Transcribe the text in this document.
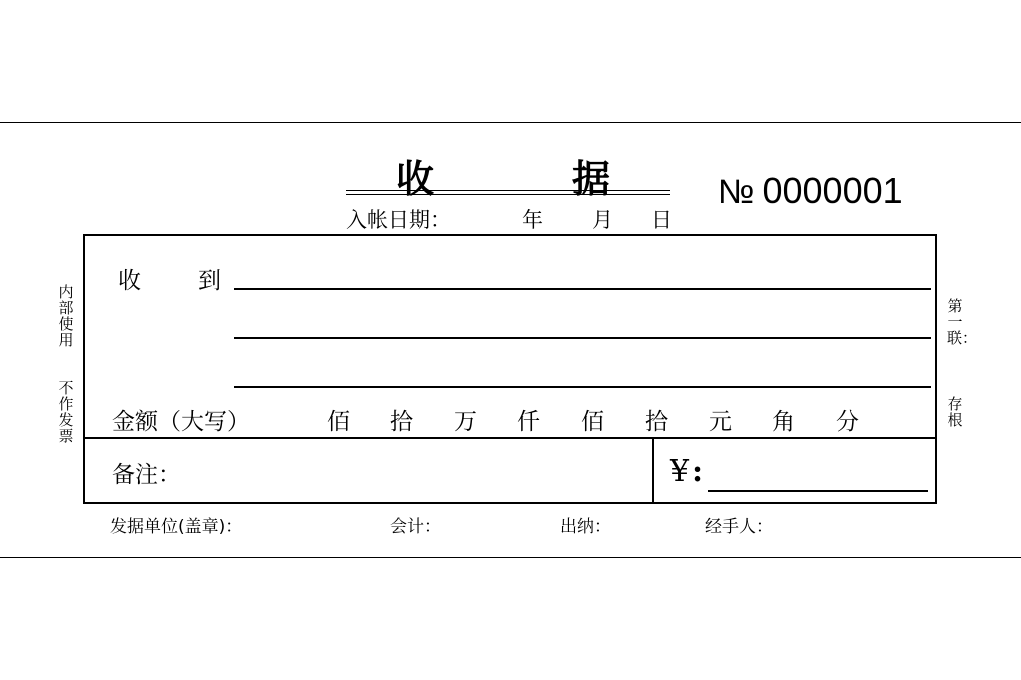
收	据
入帐日期：	年 月 日
№ 0000001
内部使用
不作发票
第一联：
存根
收 到
金额（大写）	佰 拾 万 仟 佰 拾 元 角 分
备注：	¥ :
发据单位(盖章)：	会计：	出纳：	经手人：
